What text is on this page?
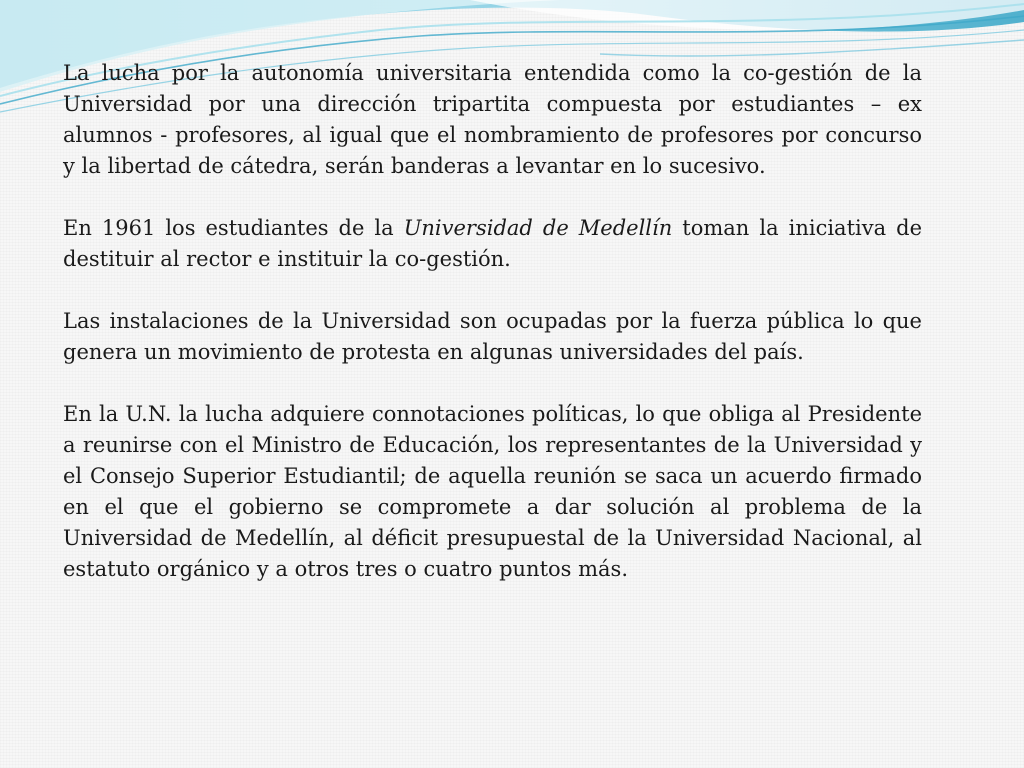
La lucha por la autonomía universitaria entendida como la co-gestión de la Universidad por una dirección tripartita compuesta por estudiantes – ex alumnos - profesores, al igual que el nombramiento de profesores por concurso y la libertad de cátedra, serán banderas a levantar en lo sucesivo.

En 1961 los estudiantes de la Universidad de Medellín toman la iniciativa de destituir al rector e instituir la co-gestión.

Las instalaciones de la Universidad son ocupadas por la fuerza pública lo que genera un movimiento de protesta en algunas universidades del país.

En la U.N. la lucha adquiere connotaciones políticas, lo que obliga al Presidente a reunirse con el Ministro de Educación, los representantes de la Universidad y el Consejo Superior Estudiantil; de aquella reunión se saca un acuerdo firmado en el que el gobierno se compromete a dar solución al problema de la Universidad de Medellín, al déficit presupuestal de la Universidad Nacional, al estatuto orgánico y a otros tres o cuatro puntos más.
